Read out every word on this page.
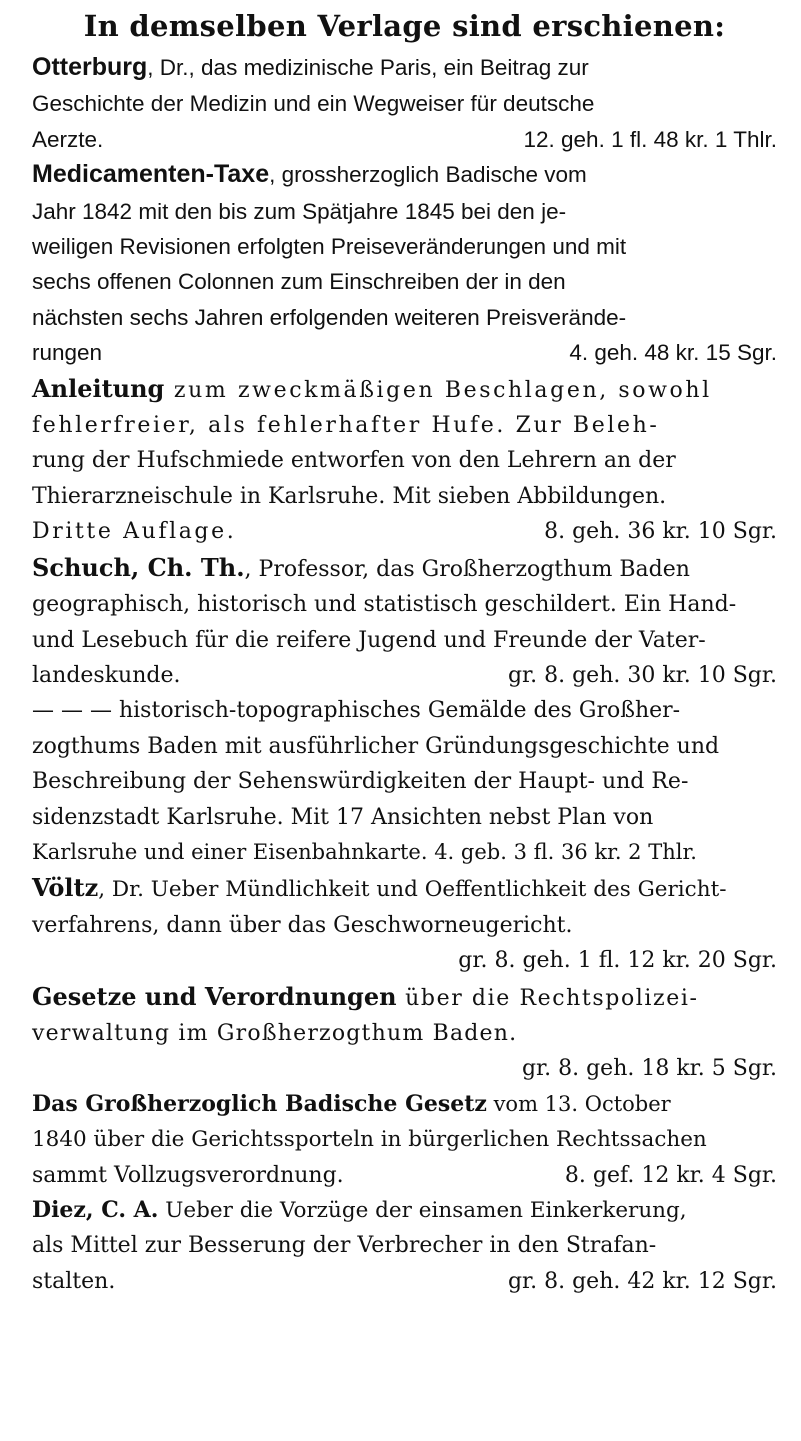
In demselben Verlage sind erschienen:

Otterburg, Dr., das medizinische Paris, ein Beitrag zur

Geschichte der Medizin und ein Wegweiser für deutsche

Aerzte.	12. geh. 1 fl. 48 kr. 1 Thlr.

Medicamenten-Taxe, grossherzoglich Badische vom

Jahr 1842 mit den bis zum Spätjahre 1845 bei den je-

weiligen Revisionen erfolgten Preiseveränderungen und mit

sechs offenen Colonnen zum Einschreiben der in den

nächsten sechs Jahren erfolgenden weiteren Preisverände-

rungen	4. geh. 48 kr. 15 Sgr.

Anleitung zum zweckmäßigen Beschlagen, sowohl

fehlerfreier, als fehlerhafter Hufe. Zur Beleh-

rung der Hufschmiede entworfen von den Lehrern an der

Thierarzneischule in Karlsruhe. Mit sieben Abbildungen.

Dritte Auflage.	8. geh. 36 kr. 10 Sgr.

Schuch, Ch. Th., Professor, das Großherzogthum Baden

geographisch, historisch und statistisch geschildert. Ein Hand-

und Lesebuch für die reifere Jugend und Freunde der Vater-

landeskunde.	gr. 8. geh. 30 kr. 10 Sgr.

— — — historisch-topographisches Gemälde des Großher-

zogthums Baden mit ausführlicher Gründungsgeschichte und

Beschreibung der Sehenswürdigkeiten der Haupt- und Re-

sidenzstadt Karlsruhe. Mit 17 Ansichten nebst Plan von

Karlsruhe und einer Eisenbahnkarte. 4. geb. 3 fl. 36 kr. 2 Thlr.

Völtz, Dr. Ueber Mündlichkeit und Oeffentlichkeit des Gericht-

verfahrens, dann über das Geschworneugericht.

gr. 8. geh. 1 fl. 12 kr. 20 Sgr.

Gesetze und Verordnungen über die Rechtspolizei-

verwaltung im Großherzogthum Baden.

gr. 8. geh. 18 kr. 5 Sgr.

Das Großherzoglich Badische Gesetz vom 13. October

1840 über die Gerichtssporteln in bürgerlichen Rechtssachen

sammt Vollzugsverordnung.	8. gef. 12 kr. 4 Sgr.

Diez, C. A. Ueber die Vorzüge der einsamen Einkerkerung,

als Mittel zur Besserung der Verbrecher in den Strafan-

stalten.	gr. 8. geh. 42 kr. 12 Sgr.
